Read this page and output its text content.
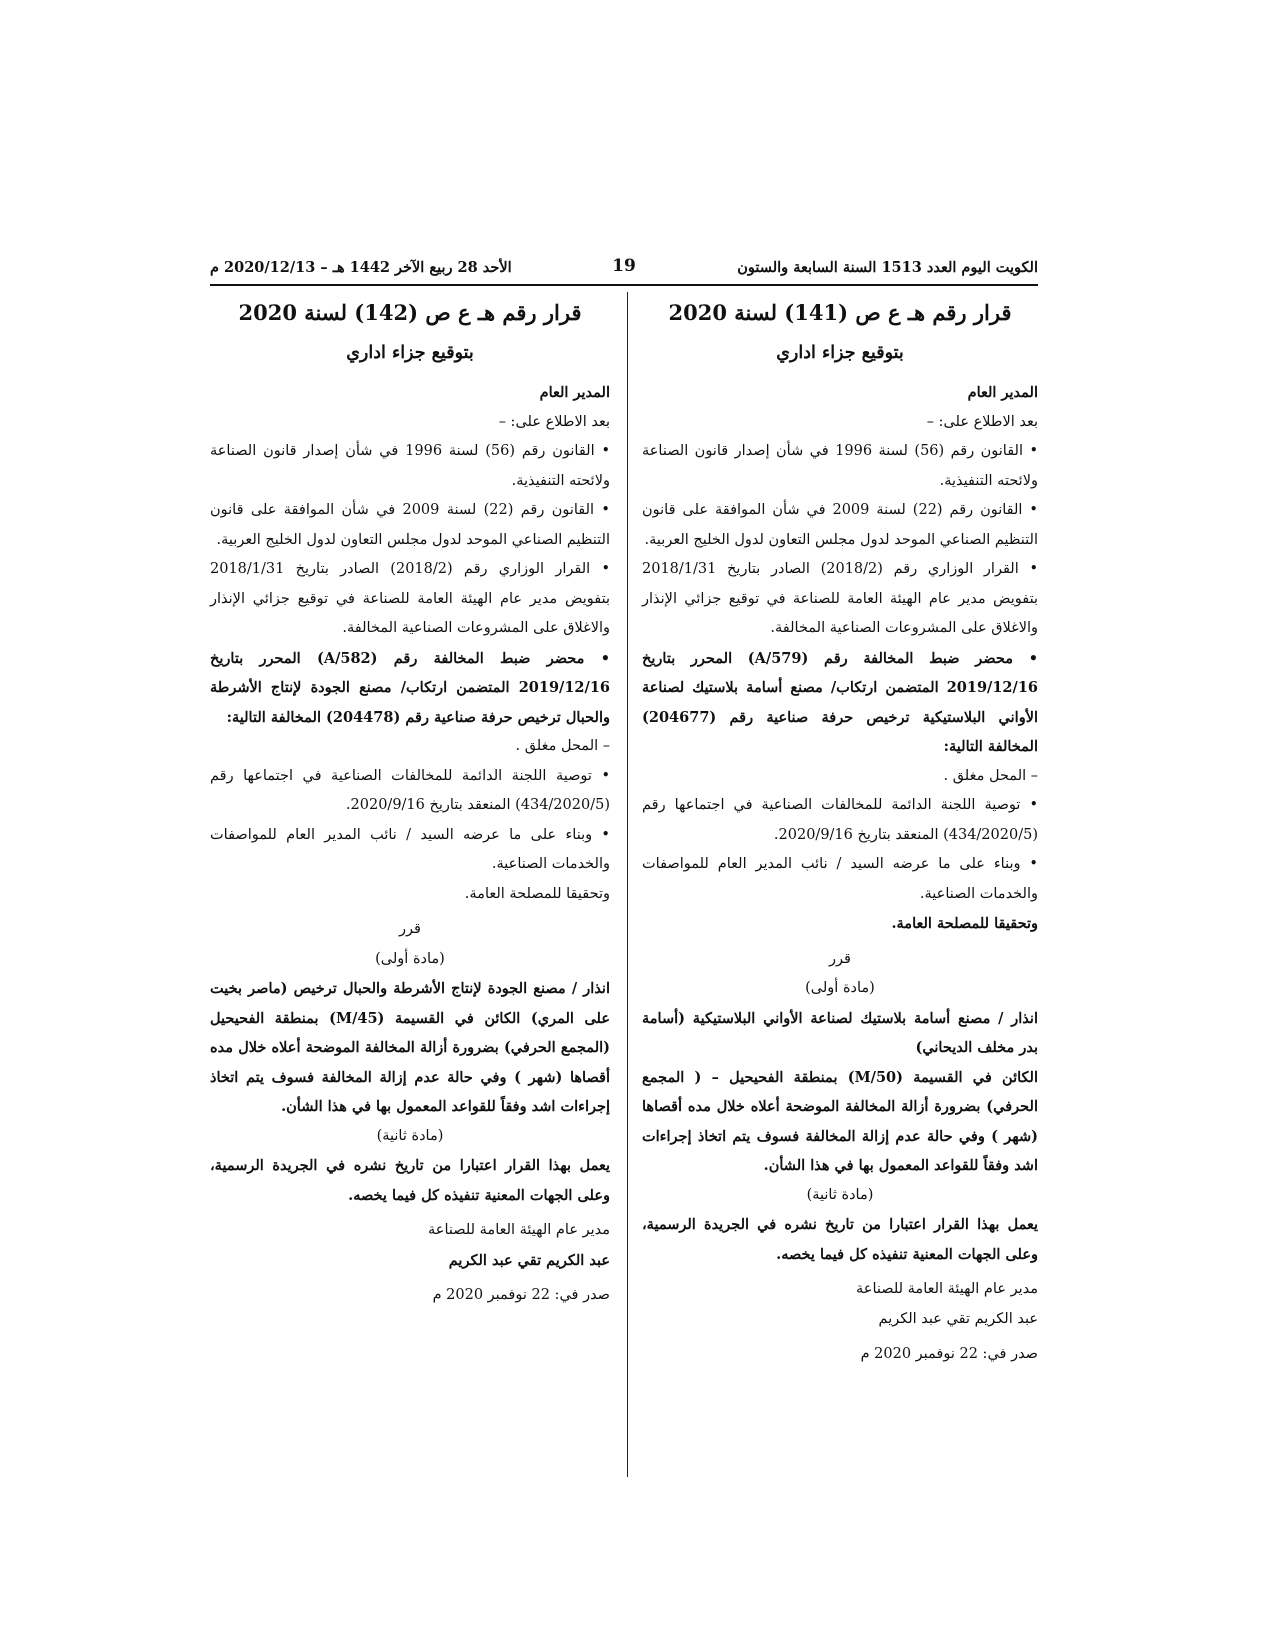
الكويت اليوم العدد 1513 السنة السابعة والستون
19
الأحد 28 ربيع الآخر 1442 هـ – 2020/12/13 م

قرار رقم هـ ع ص (141) لسنة 2020

بتوقيع جزاء اداري

المدير العام

بعد الاطلاع على: –

• القانون رقم (56) لسنة 1996 في شأن إصدار قانون الصناعة ولائحته التنفيذية.

• القانون رقم (22) لسنة 2009 في شأن الموافقة على قانون التنظيم الصناعي الموحد لدول مجلس التعاون لدول الخليج العربية.

• القرار الوزاري رقم (2018/2) الصادر بتاريخ 2018/1/31 بتفويض مدير عام الهيئة العامة للصناعة في توقيع جزائي الإنذار والاغلاق على المشروعات الصناعية المخالفة.

• محضر ضبط المخالفة رقم (A/579) المحرر بتاريخ 2019/12/16 المتضمن ارتكاب/ مصنع أسامة بلاستيك لصناعة الأواني البلاستيكية ترخيص حرفة صناعية رقم (204677) المخالفة التالية:

– المحل مغلق .

• توصية اللجنة الدائمة للمخالفات الصناعية في اجتماعها رقم (434/2020/5) المنعقد بتاريخ 2020/9/16.

• وبناء على ما عرضه السيد / نائب المدير العام للمواصفات والخدمات الصناعية.

وتحقيقا للمصلحة العامة.

قرر

(مادة أولى)

انذار / مصنع أسامة بلاستيك لصناعة الأواني البلاستيكية (أسامة بدر مخلف الديحاني)

الكائن في القسيمة (M/50) بمنطقة الفحيحيل – ( المجمع الحرفي) بضرورة أزالة المخالفة الموضحة أعلاه خلال مده أقصاها (شهر ) وفي حالة عدم إزالة المخالفة فسوف يتم اتخاذ إجراءات اشد وفقاً للقواعد المعمول بها في هذا الشأن.

(مادة ثانية)

يعمل بهذا القرار اعتبارا من تاريخ نشره في الجريدة الرسمية، وعلى الجهات المعنية تنفيذه كل فيما يخصه.

مدير عام الهيئة العامة للصناعة

عبد الكريم تقي عبد الكريم

صدر في: 22 نوفمبر 2020 م

قرار رقم هـ ع ص (142) لسنة 2020

بتوقيع جزاء اداري

المدير العام

بعد الاطلاع على: –

• القانون رقم (56) لسنة 1996 في شأن إصدار قانون الصناعة ولائحته التنفيذية.

• القانون رقم (22) لسنة 2009 في شأن الموافقة على قانون التنظيم الصناعي الموحد لدول مجلس التعاون لدول الخليج العربية.

• القرار الوزاري رقم (2018/2) الصادر بتاريخ 2018/1/31 بتفويض مدير عام الهيئة العامة للصناعة في توقيع جزائي الإنذار والاغلاق على المشروعات الصناعية المخالفة.

• محضر ضبط المخالفة رقم (A/582) المحرر بتاريخ 2019/12/16 المتضمن ارتكاب/ مصنع الجودة لإنتاج الأشرطة والحبال ترخيص حرفة صناعية رقم (204478) المخالفة التالية:

– المحل مغلق .

• توصية اللجنة الدائمة للمخالفات الصناعية في اجتماعها رقم (434/2020/5) المنعقد بتاريخ 2020/9/16.

• وبناء على ما عرضه السيد / نائب المدير العام للمواصفات والخدمات الصناعية.

وتحقيقا للمصلحة العامة.

قرر

(مادة أولى)

انذار / مصنع الجودة لإنتاج الأشرطة والحبال ترخيص (ماصر بخيت على المري) الكائن في القسيمة (M/45) بمنطقة الفحيحيل (المجمع الحرفي) بضرورة أزالة المخالفة الموضحة أعلاه خلال مده أقصاها (شهر ) وفي حالة عدم إزالة المخالفة فسوف يتم اتخاذ إجراءات اشد وفقاً للقواعد المعمول بها في هذا الشأن.

(مادة ثانية)

يعمل بهذا القرار اعتبارا من تاريخ نشره في الجريدة الرسمية، وعلى الجهات المعنية تنفيذه كل فيما يخصه.

مدير عام الهيئة العامة للصناعة

عبد الكريم تقي عبد الكريم

صدر في: 22 نوفمبر 2020 م
